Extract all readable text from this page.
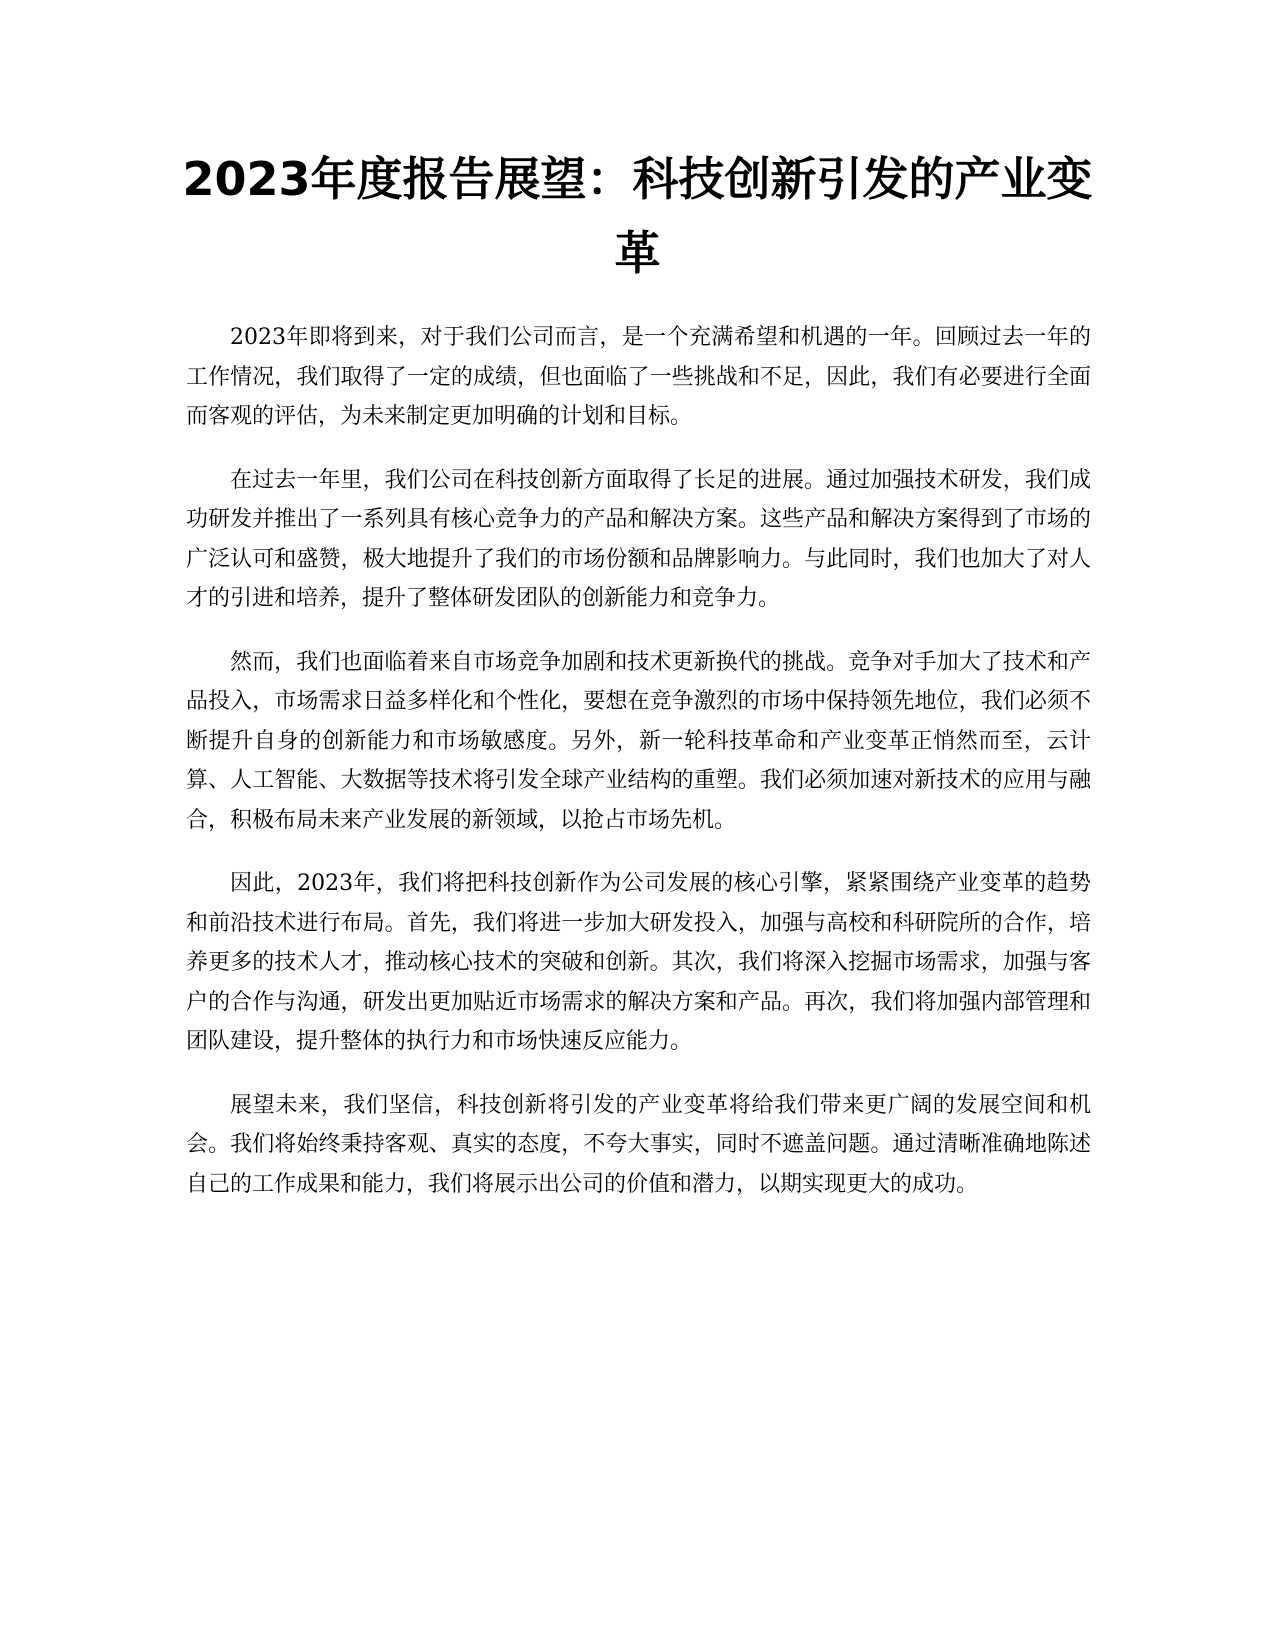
2023年度报告展望：科技创新引发的产业变革

2023年即将到来，对于我们公司而言，是一个充满希望和机遇的一年。回顾过去一年的工作情况，我们取得了一定的成绩，但也面临了一些挑战和不足，因此，我们有必要进行全面而客观的评估，为未来制定更加明确的计划和目标。

在过去一年里，我们公司在科技创新方面取得了长足的进展。通过加强技术研发，我们成功研发并推出了一系列具有核心竞争力的产品和解决方案。这些产品和解决方案得到了市场的广泛认可和盛赞，极大地提升了我们的市场份额和品牌影响力。与此同时，我们也加大了对人才的引进和培养，提升了整体研发团队的创新能力和竞争力。

然而，我们也面临着来自市场竞争加剧和技术更新换代的挑战。竞争对手加大了技术和产品投入，市场需求日益多样化和个性化，要想在竞争激烈的市场中保持领先地位，我们必须不断提升自身的创新能力和市场敏感度。另外，新一轮科技革命和产业变革正悄然而至，云计算、人工智能、大数据等技术将引发全球产业结构的重塑。我们必须加速对新技术的应用与融合，积极布局未来产业发展的新领域，以抢占市场先机。

因此，2023年，我们将把科技创新作为公司发展的核心引擎，紧紧围绕产业变革的趋势和前沿技术进行布局。首先，我们将进一步加大研发投入，加强与高校和科研院所的合作，培养更多的技术人才，推动核心技术的突破和创新。其次，我们将深入挖掘市场需求，加强与客户的合作与沟通，研发出更加贴近市场需求的解决方案和产品。再次，我们将加强内部管理和团队建设，提升整体的执行力和市场快速反应能力。

展望未来，我们坚信，科技创新将引发的产业变革将给我们带来更广阔的发展空间和机会。我们将始终秉持客观、真实的态度，不夸大事实，同时不遮盖问题。通过清晰准确地陈述自己的工作成果和能力，我们将展示出公司的价值和潜力，以期实现更大的成功。
